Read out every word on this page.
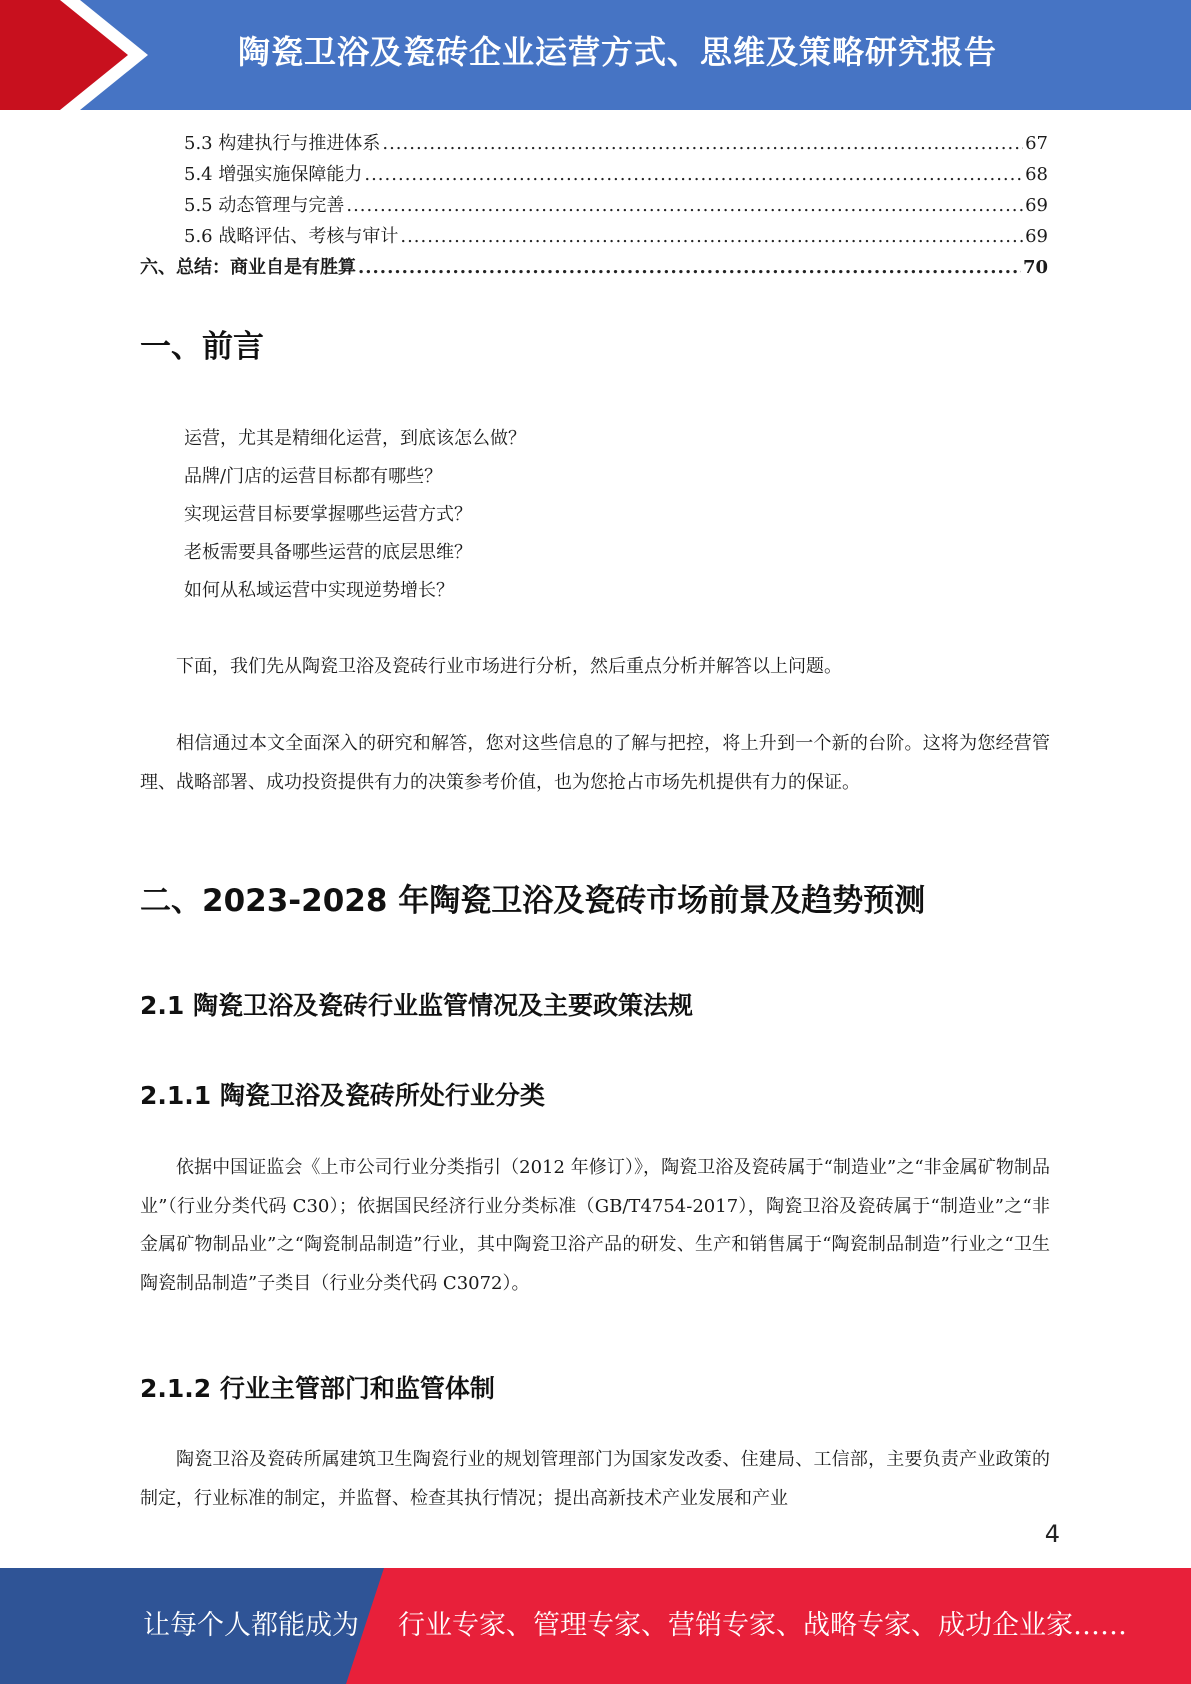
陶瓷卫浴及瓷砖企业运营方式、思维及策略研究报告
5.3 构建执行与推进体系 .....	67
5.4 增强实施保障能力 .....	68
5.5 动态管理与完善 .....	69
5.6 战略评估、考核与审计 .....	69
六、总结：商业自是有胜算 .....	70
一、前言
运营，尤其是精细化运营，到底该怎么做？
品牌/门店的运营目标都有哪些？
实现运营目标要掌握哪些运营方式？
老板需要具备哪些运营的底层思维？
如何从私域运营中实现逆势增长？

下面，我们先从陶瓷卫浴及瓷砖行业市场进行分析，然后重点分析并解答以上问题。

相信通过本文全面深入的研究和解答，您对这些信息的了解与把控，将上升到一个新的台阶。这将为您经营管理、战略部署、成功投资提供有力的决策参考价值，也为您抢占市场先机提供有力的保证。

二、2023-2028 年陶瓷卫浴及瓷砖市场前景及趋势预测
2.1 陶瓷卫浴及瓷砖行业监管情况及主要政策法规
2.1.1 陶瓷卫浴及瓷砖所处行业分类

依据中国证监会《上市公司行业分类指引（2012 年修订）》，陶瓷卫浴及瓷砖属于“制造业”之“非金属矿物制品业”（行业分类代码 C30）；依据国民经济行业分类标准（GB/T4754-2017），陶瓷卫浴及瓷砖属于“制造业”之“非金属矿物制品业”之“陶瓷制品制造”行业，其中陶瓷卫浴产品的研发、生产和销售属于“陶瓷制品制造”行业之“卫生陶瓷制品制造”子类目（行业分类代码 C3072）。

2.1.2 行业主管部门和监管体制

陶瓷卫浴及瓷砖所属建筑卫生陶瓷行业的规划管理部门为国家发改委、住建局、工信部，主要负责产业政策的制定，行业标准的制定，并监督、检查其执行情况；提出高新技术产业发展和产业

4
让每个人都能成为 行业专家、管理专家、营销专家、战略专家、成功企业家……
